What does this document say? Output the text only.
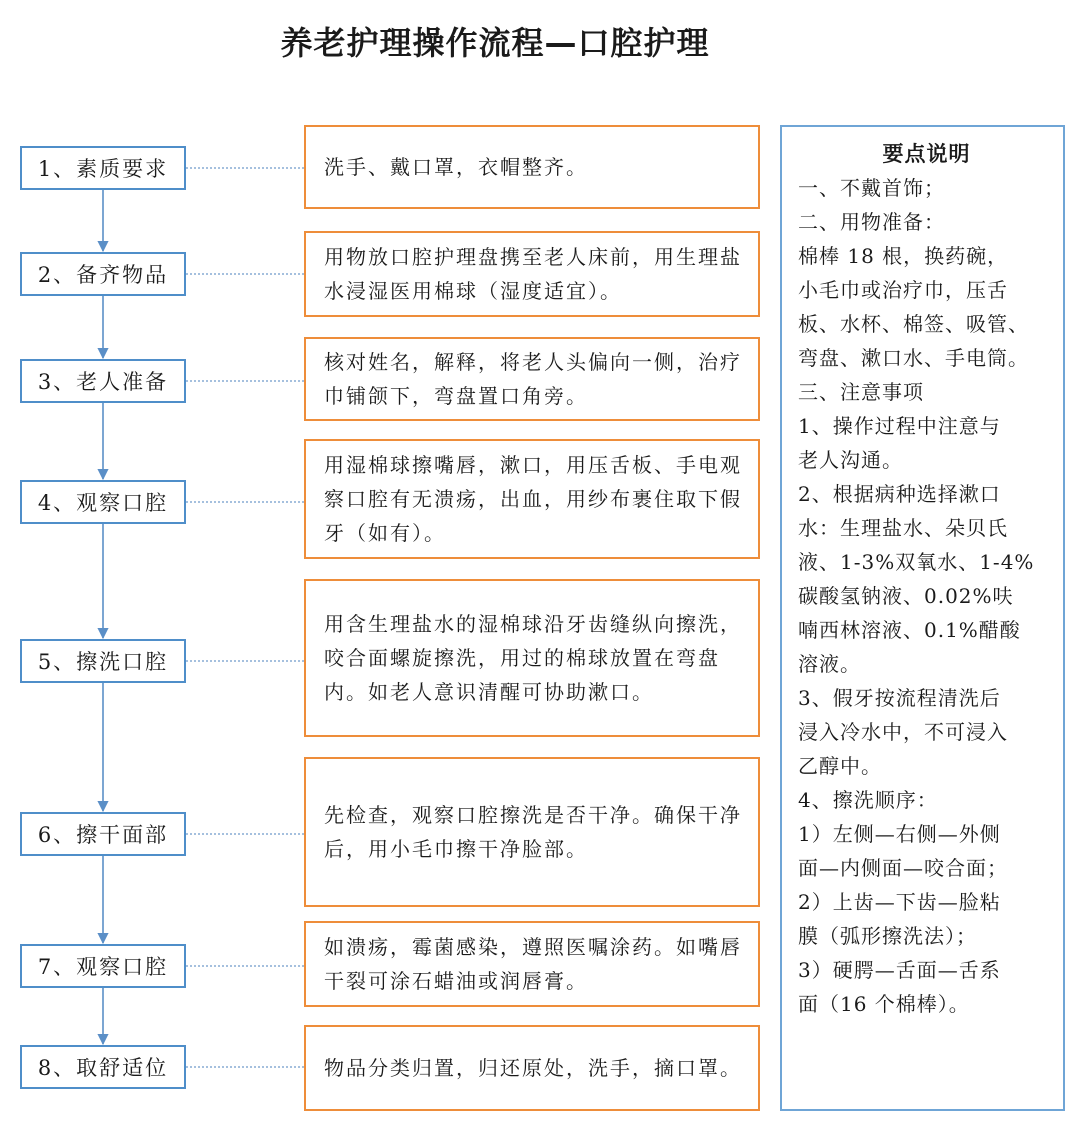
养老护理操作流程—口腔护理
1、素质要求
2、备齐物品
3、老人准备
4、观察口腔
5、擦洗口腔
6、擦干面部
7、观察口腔
8、取舒适位
洗手、戴口罩，衣帽整齐。
用物放口腔护理盘携至老人床前，用生理盐水浸湿医用棉球（湿度适宜）。
核对姓名，解释，将老人头偏向一侧，治疗巾铺颌下，弯盘置口角旁。
用湿棉球擦嘴唇，漱口，用压舌板、手电观察口腔有无溃疡，出血，用纱布裹住取下假牙（如有）。
用含生理盐水的湿棉球沿牙齿缝纵向擦洗，咬合面螺旋擦洗，用过的棉球放置在弯盘内。如老人意识清醒可协助漱口。
先检查，观察口腔擦洗是否干净。确保干净后，用小毛巾擦干净脸部。
如溃疡，霉菌感染，遵照医嘱涂药。如嘴唇干裂可涂石蜡油或润唇膏。
物品分类归置，归还原处，洗手，摘口罩。
要点说明
一、不戴首饰；
二、用物准备：
棉棒 18 根，换药碗，
小毛巾或治疗巾，压舌
板、水杯、棉签、吸管、
弯盘、漱口水、手电筒。
三、注意事项
1、操作过程中注意与
老人沟通。
2、根据病种选择漱口
水：生理盐水、朵贝氏
液、1-3%双氧水、1-4%
碳酸氢钠液、0.02%呋
喃西林溶液、0.1%醋酸
溶液。
3、假牙按流程清洗后
浸入冷水中，不可浸入
乙醇中。
4、擦洗顺序：
1）左侧—右侧—外侧
面—内侧面—咬合面；
2）上齿—下齿—脸粘
膜（弧形擦洗法）；
3）硬腭—舌面—舌系
面（16 个棉棒）。
